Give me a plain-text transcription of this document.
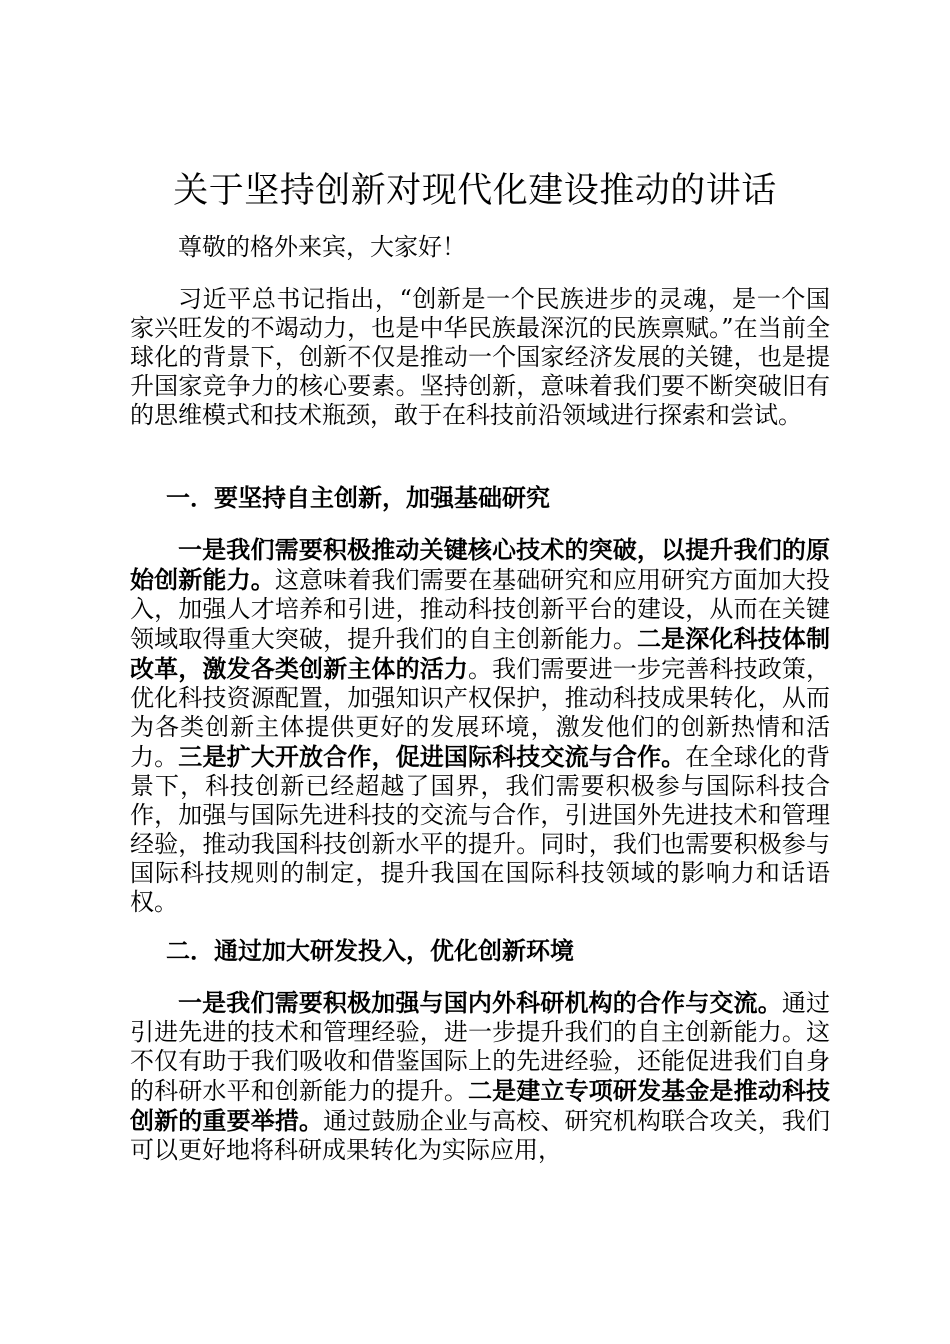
关于坚持创新对现代化建设推动的讲话

尊敬的格外来宾，大家好！

习近平总书记指出，“创新是一个民族进步的灵魂，是一个国家兴旺发的不竭动力，也是中华民族最深沉的民族禀赋。”在当前全球化的背景下，创新不仅是推动一个国家经济发展的关键，也是提升国家竞争力的核心要素。坚持创新，意味着我们要不断突破旧有的思维模式和技术瓶颈，敢于在科技前沿领域进行探索和尝试。

一．要坚持自主创新，加强基础研究

一是我们需要积极推动关键核心技术的突破，以提升我们的原始创新能力。这意味着我们需要在基础研究和应用研究方面加大投入，加强人才培养和引进，推动科技创新平台的建设，从而在关键领域取得重大突破，提升我们的自主创新能力。二是深化科技体制改革，激发各类创新主体的活力。我们需要进一步完善科技政策，优化科技资源配置，加强知识产权保护，推动科技成果转化，从而为各类创新主体提供更好的发展环境，激发他们的创新热情和活力。三是扩大开放合作，促进国际科技交流与合作。在全球化的背景下，科技创新已经超越了国界，我们需要积极参与国际科技合作，加强与国际先进科技的交流与合作，引进国外先进技术和管理经验，推动我国科技创新水平的提升。同时，我们也需要积极参与国际科技规则的制定，提升我国在国际科技领域的影响力和话语权。

二．通过加大研发投入，优化创新环境

一是我们需要积极加强与国内外科研机构的合作与交流。通过引进先进的技术和管理经验，进一步提升我们的自主创新能力。这不仅有助于我们吸收和借鉴国际上的先进经验，还能促进我们自身的科研水平和创新能力的提升。二是建立专项研发基金是推动科技创新的重要举措。通过鼓励企业与高校、研究机构联合攻关，我们可以更好地将科研成果转化为实际应用，
